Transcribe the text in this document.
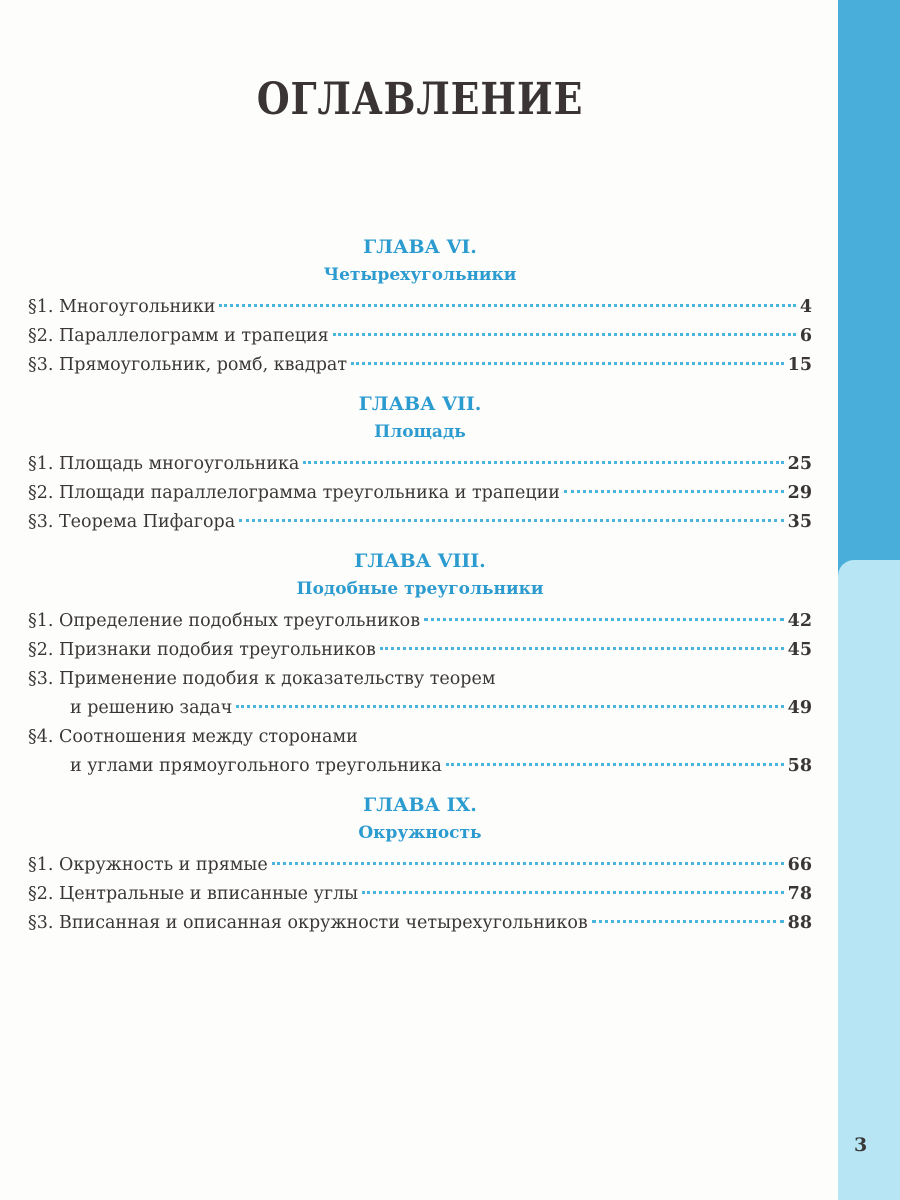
ОГЛАВЛЕНИЕ
ГЛАВА VI.
Четырехугольники
§1. Многоугольники	4
§2. Параллелограмм и трапеция	6
§3. Прямоугольник, ромб, квадрат	15
ГЛАВА VII.
Площадь
§1. Площадь многоугольника	25
§2. Площади параллелограмма треугольника и трапеции	29
§3. Теорема Пифагора	35
ГЛАВА VIII.
Подобные треугольники
§1. Определение подобных треугольников	42
§2. Признаки подобия треугольников	45
§3. Применение подобия к доказательству теорем
и решению задач	49
§4. Соотношения между сторонами
и углами прямоугольного треугольника	58
ГЛАВА IX.
Окружность
§1. Окружность и прямые	66
§2. Центральные и вписанные углы	78
§3. Вписанная и описанная окружности четырехугольников	88
3
